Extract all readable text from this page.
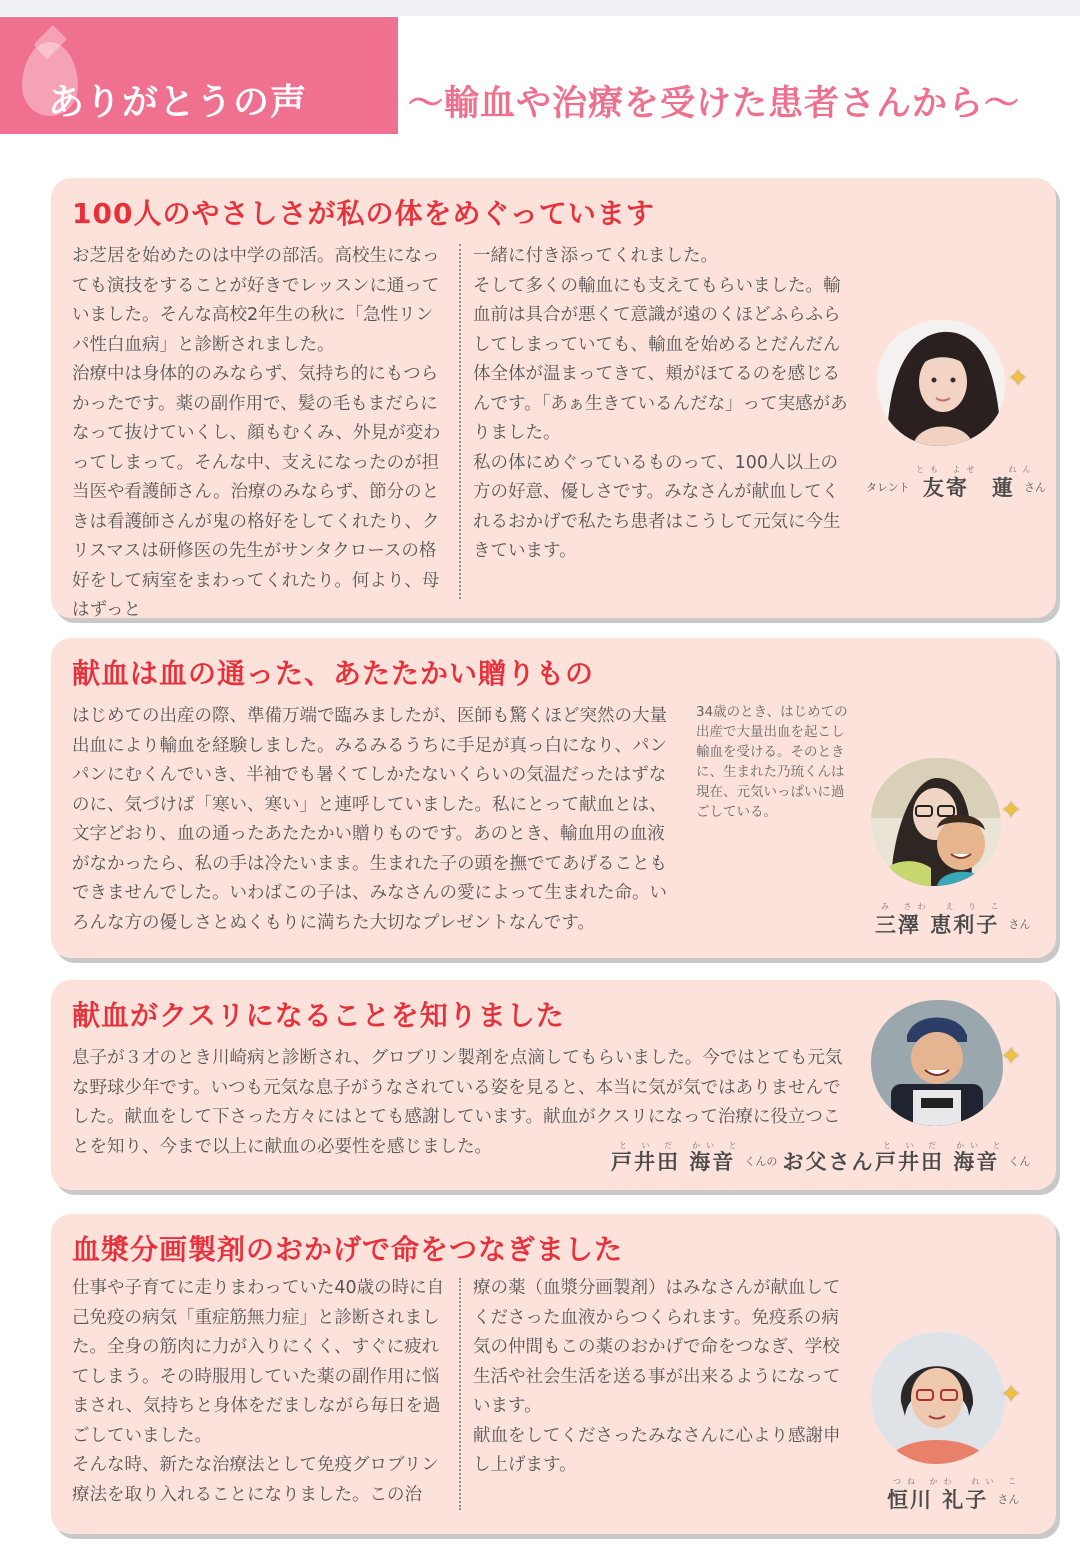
ありがとうの声	〜輸血や治療を受けた患者さんから〜
100人のやさしさが私の体をめぐっています

お芝居を始めたのは中学の部活。高校生になっても演技をすることが好きでレッスンに通っていました。そんな高校2年生の秋に「急性リンパ性白血病」と診断されました。

治療中は身体的のみならず、気持ち的にもつらかったです。薬の副作用で、髪の毛もまだらになって抜けていくし、顔もむくみ、外見が変わってしまって。そんな中、支えになったのが担当医や看護師さん。治療のみならず、節分のときは看護師さんが鬼の格好をしてくれたり、クリスマスは研修医の先生がサンタクロースの格好をして病室をまわってくれたり。何より、母はずっと

一緒に付き添ってくれました。

そして多くの輸血にも支えてもらいました。輸血前は具合が悪くて意識が遠のくほどふらふらしてしまっていても、輸血を始めるとだんだん体全体が温まってきて、頬がほてるのを感じるんです。「あぁ生きているんだな」って実感がありました。

私の体にめぐっているものって、100人以上の方の好意、優しさです。みなさんが献血してくれるおかげで私たち患者はこうして元気に今生きています。

✦
とも よせ　　れん
タレント 友寄　蓮 さん
献血は血の通った、あたたかい贈りもの

はじめての出産の際、準備万端で臨みましたが、医師も驚くほど突然の大量出血により輸血を経験しました。みるみるうちに手足が真っ白になり、パンパンにむくんでいき、半袖でも暑くてしかたないくらいの気温だったはずなのに、気づけば「寒い、寒い」と連呼していました。私にとって献血とは、文字どおり、血の通ったあたたかい贈りものです。あのとき、輸血用の血液がなかったら、私の手は冷たいまま。生まれた子の頭を撫でてあげることもできませんでした。いわばこの子は、みなさんの愛によって生まれた命。いろんな方の優しさとぬくもりに満ちた大切なプレゼントなんです。

34歳のとき、はじめての出産で大量出血を起こし輸血を受ける。そのときに、生まれた乃琉くんは現在、元気いっぱいに過ごしている。	✦
み さわ　え り こ
三澤 恵利子 さん
献血がクスリになることを知りました

息子が３才のとき川崎病と診断され、グロブリン製剤を点滴してもらいました。今ではとても元気な野球少年です。いつも元気な息子がうなされている姿を見ると、本当に気が気ではありませんでした。献血をして下さった方々にはとても感謝しています。献血がクスリになって治療に役立つことを知り、今まで以上に献血の必要性を感じました。	と い だ　かい と
戸井田 海音 くんの お父さん
✦
と い だ　かい と
戸井田 海音 くん
血漿分画製剤のおかげで命をつなぎました

仕事や子育てに走りまわっていた40歳の時に自己免疫の病気「重症筋無力症」と診断されました。全身の筋肉に力が入りにくく、すぐに疲れてしまう。その時服用していた薬の副作用に悩まされ、気持ちと身体をだましながら毎日を過ごしていました。

そんな時、新たな治療法として免疫グロブリン療法を取り入れることになりました。この治

療の薬（血漿分画製剤）はみなさんが献血してくださった血液からつくられます。免疫系の病気の仲間もこの薬のおかげで命をつなぎ、学校生活や社会生活を送る事が出来るようになっています。

献血をしてくださったみなさんに心より感謝申し上げます。

✦
つね かわ　れい こ
恒川 礼子 さん
